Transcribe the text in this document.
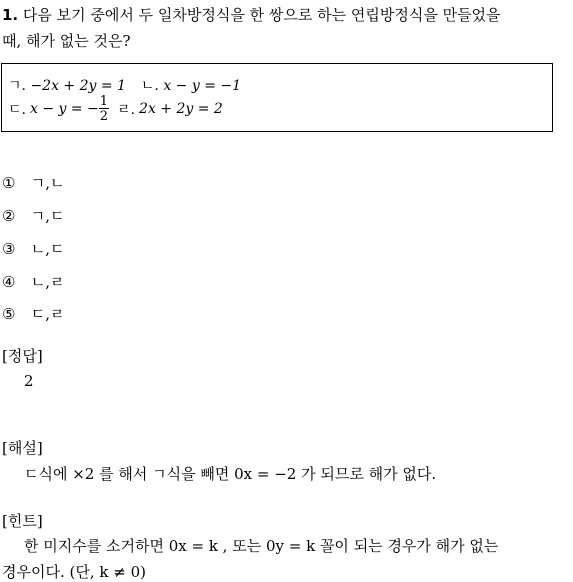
1. 다음 보기 중에서 두 일차방정식을 한 쌍으로 하는 연립방정식을 만들었을
때, 해가 없는 것은?
ㄱ. −2x + 2y = 1 ㄴ. x − y = −1
ㄷ. x − y = − $\frac{1}{2}$ ㄹ. 2x + 2y = 2
① ㄱ,ㄴ
② ㄱ,ㄷ
③ ㄴ,ㄷ
④ ㄴ,ㄹ
⑤ ㄷ,ㄹ
[정답]
2
[해설]
ㄷ식에 ×2 를 해서 ㄱ식을 빼면 0x = −2 가 되므로 해가 없다.
[힌트]
한 미지수를 소거하면 0x = k , 또는 0y = k 꼴이 되는 경우가 해가 없는
경우이다. (단, k ≠ 0)
